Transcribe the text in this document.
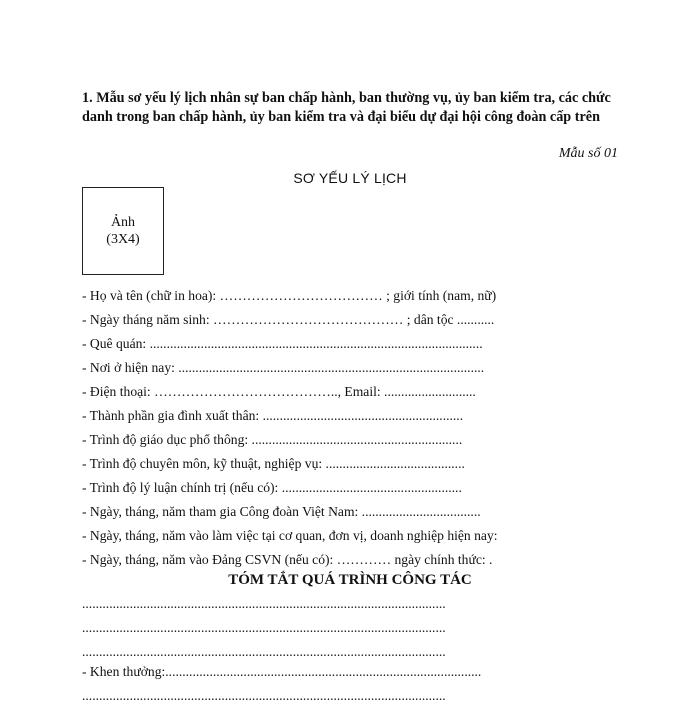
1. Mẫu sơ yếu lý lịch nhân sự ban chấp hành, ban thường vụ, ủy ban kiểm tra, các chức danh trong ban chấp hành, ủy ban kiểm tra và đại biểu dự đại hội công đoàn cấp trên
Mẫu số 01
SƠ YẾU LÝ LỊCH
Ảnh
(3X4)
- Họ và tên (chữ in hoa): ……………………………… ; giới tính (nam, nữ)
- Ngày tháng năm sinh: …………………………………… ; dân tộc ...........
- Quê quán: ..................................................................................................
- Nơi ở hiện nay: ..........................................................................................
- Điện thoại: ………………………………….., Email: ...........................
- Thành phần gia đình xuất thân: ...........................................................
- Trình độ giáo dục phổ thông: ..............................................................
- Trình độ chuyên môn, kỹ thuật, nghiệp vụ: .........................................
- Trình độ lý luận chính trị (nếu có): .....................................................
- Ngày, tháng, năm tham gia Công đoàn Việt Nam: ...................................
- Ngày, tháng, năm vào làm việc tại cơ quan, đơn vị, doanh nghiệp hiện nay:
- Ngày, tháng, năm vào Đảng CSVN (nếu có): ………… ngày chính thức: .
TÓM TẮT QUÁ TRÌNH CÔNG TÁC
...........................................................................................................
...........................................................................................................
...........................................................................................................
- Khen thưởng:.............................................................................................
...........................................................................................................
